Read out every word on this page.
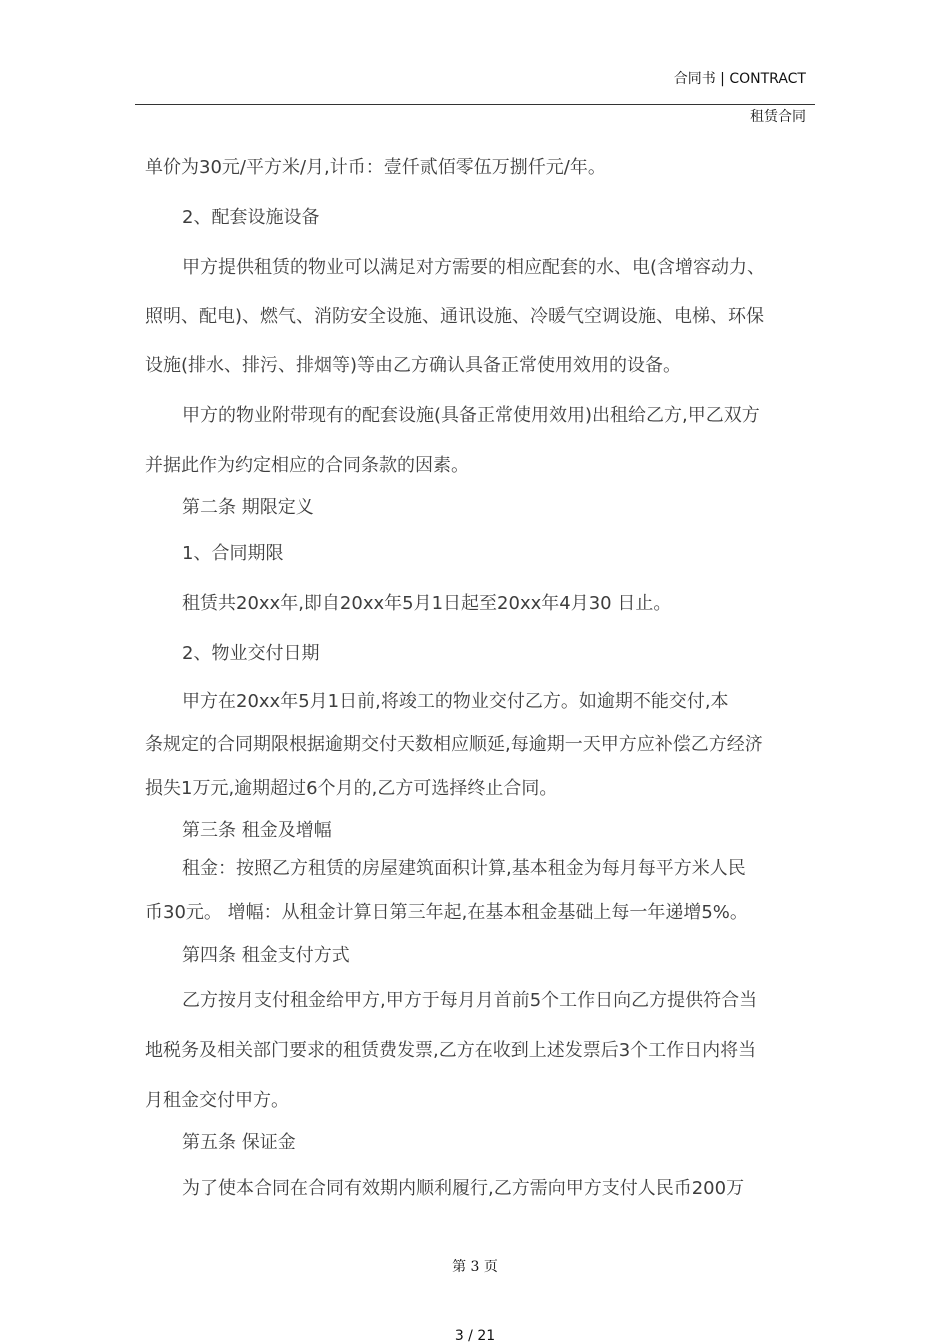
合同书 | CONTRACT
租赁合同
单价为30元/平方米/月,计币：壹仟贰佰零伍万捌仟元/年。
2、配套设施设备
甲方提供租赁的物业可以满足对方需要的相应配套的水、电(含增容动力、
照明、配电)、燃气、消防安全设施、通讯设施、冷暖气空调设施、电梯、环保
设施(排水、排污、排烟等)等由乙方确认具备正常使用效用的设备。
甲方的物业附带现有的配套设施(具备正常使用效用)出租给乙方,甲乙双方
并据此作为约定相应的合同条款的因素。
第二条 期限定义
1、合同期限
租赁共20xx年,即自20xx年5月1日起至20xx年4月30 日止。
2、物业交付日期
甲方在20xx年5月1日前,将竣工的物业交付乙方。如逾期不能交付,本
条规定的合同期限根据逾期交付天数相应顺延,每逾期一天甲方应补偿乙方经济
损失1万元,逾期超过6个月的,乙方可选择终止合同。
第三条 租金及增幅
租金：按照乙方租赁的房屋建筑面积计算,基本租金为每月每平方米人民
币30元。 增幅：从租金计算日第三年起,在基本租金基础上每一年递增5%。
第四条 租金支付方式
乙方按月支付租金给甲方,甲方于每月月首前5个工作日向乙方提供符合当
地税务及相关部门要求的租赁费发票,乙方在收到上述发票后3个工作日内将当
月租金交付甲方。
第五条 保证金
为了使本合同在合同有效期内顺利履行,乙方需向甲方支付人民币200万
第 3 页
3 / 21
